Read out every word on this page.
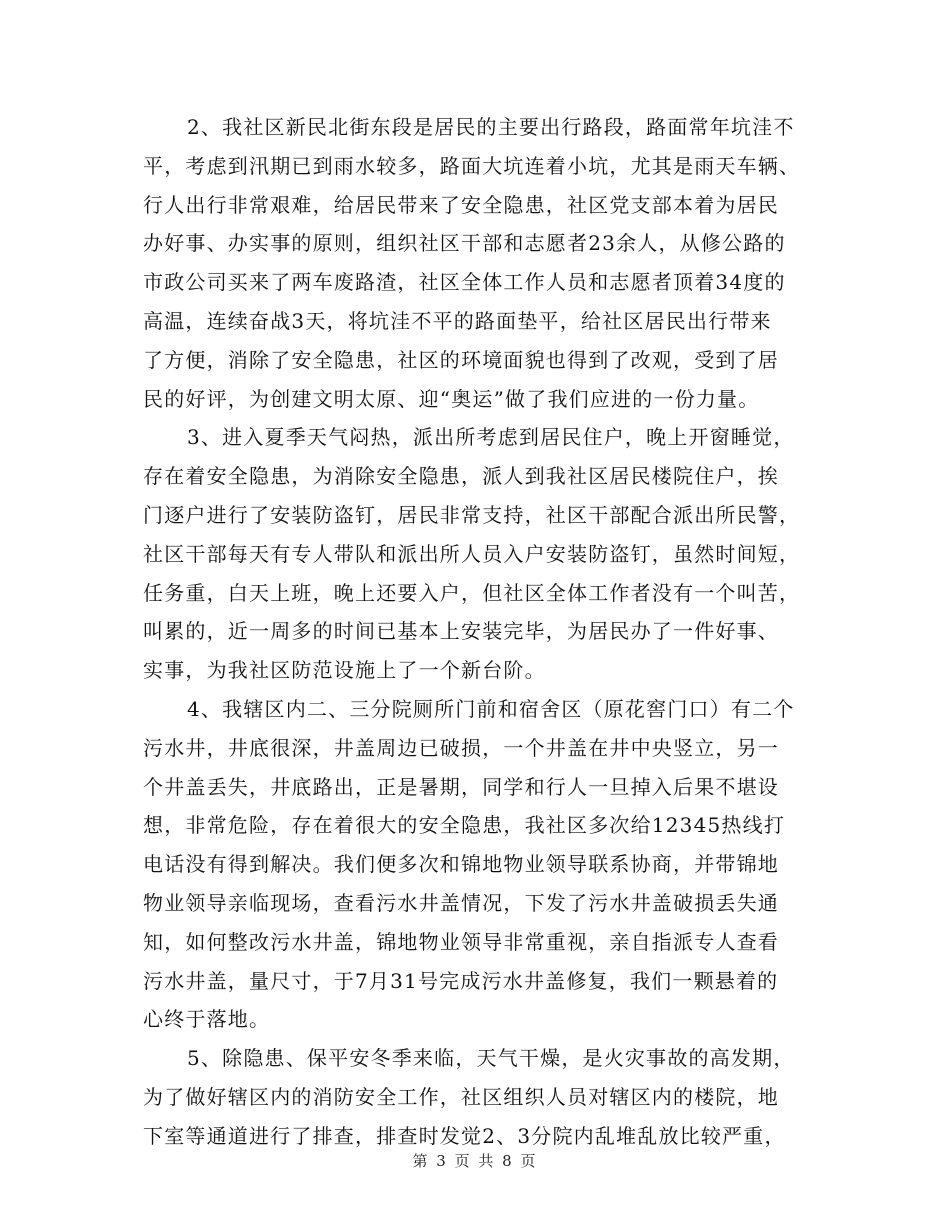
2、我社区新民北街东段是居民的主要出行路段，路面常年坑洼不
平，考虑到汛期已到雨水较多，路面大坑连着小坑，尤其是雨天车辆、
行人出行非常艰难，给居民带来了安全隐患，社区党支部本着为居民
办好事、办实事的原则，组织社区干部和志愿者23余人，从修公路的
市政公司买来了两车废路渣，社区全体工作人员和志愿者顶着34度的
高温，连续奋战3天，将坑洼不平的路面垫平，给社区居民出行带来
了方便，消除了安全隐患，社区的环境面貌也得到了改观，受到了居
民的好评，为创建文明太原、迎“奥运”做了我们应进的一份力量。
3、进入夏季天气闷热，派出所考虑到居民住户，晚上开窗睡觉，
存在着安全隐患，为消除安全隐患，派人到我社区居民楼院住户，挨
门逐户进行了安装防盗钉，居民非常支持，社区干部配合派出所民警，
社区干部每天有专人带队和派出所人员入户安装防盗钉，虽然时间短，
任务重，白天上班，晚上还要入户，但社区全体工作者没有一个叫苦，
叫累的，近一周多的时间已基本上安装完毕，为居民办了一件好事、
实事，为我社区防范设施上了一个新台阶。
4、我辖区内二、三分院厕所门前和宿舍区（原花窖门口）有二个
污水井，井底很深，井盖周边已破损，一个井盖在井中央竖立，另一
个井盖丢失，井底路出，正是暑期，同学和行人一旦掉入后果不堪设
想，非常危险，存在着很大的安全隐患，我社区多次给12345热线打
电话没有得到解决。我们便多次和锦地物业领导联系协商，并带锦地
物业领导亲临现场，查看污水井盖情况，下发了污水井盖破损丢失通
知，如何整改污水井盖，锦地物业领导非常重视，亲自指派专人查看
污水井盖，量尺寸，于7月31号完成污水井盖修复，我们一颗悬着的
心终于落地。
5、除隐患、保平安冬季来临，天气干燥，是火灾事故的高发期，
为了做好辖区内的消防安全工作，社区组织人员对辖区内的楼院，地
下室等通道进行了排查，排查时发觉2、3分院内乱堆乱放比较严重，
第 3 页 共 8 页
